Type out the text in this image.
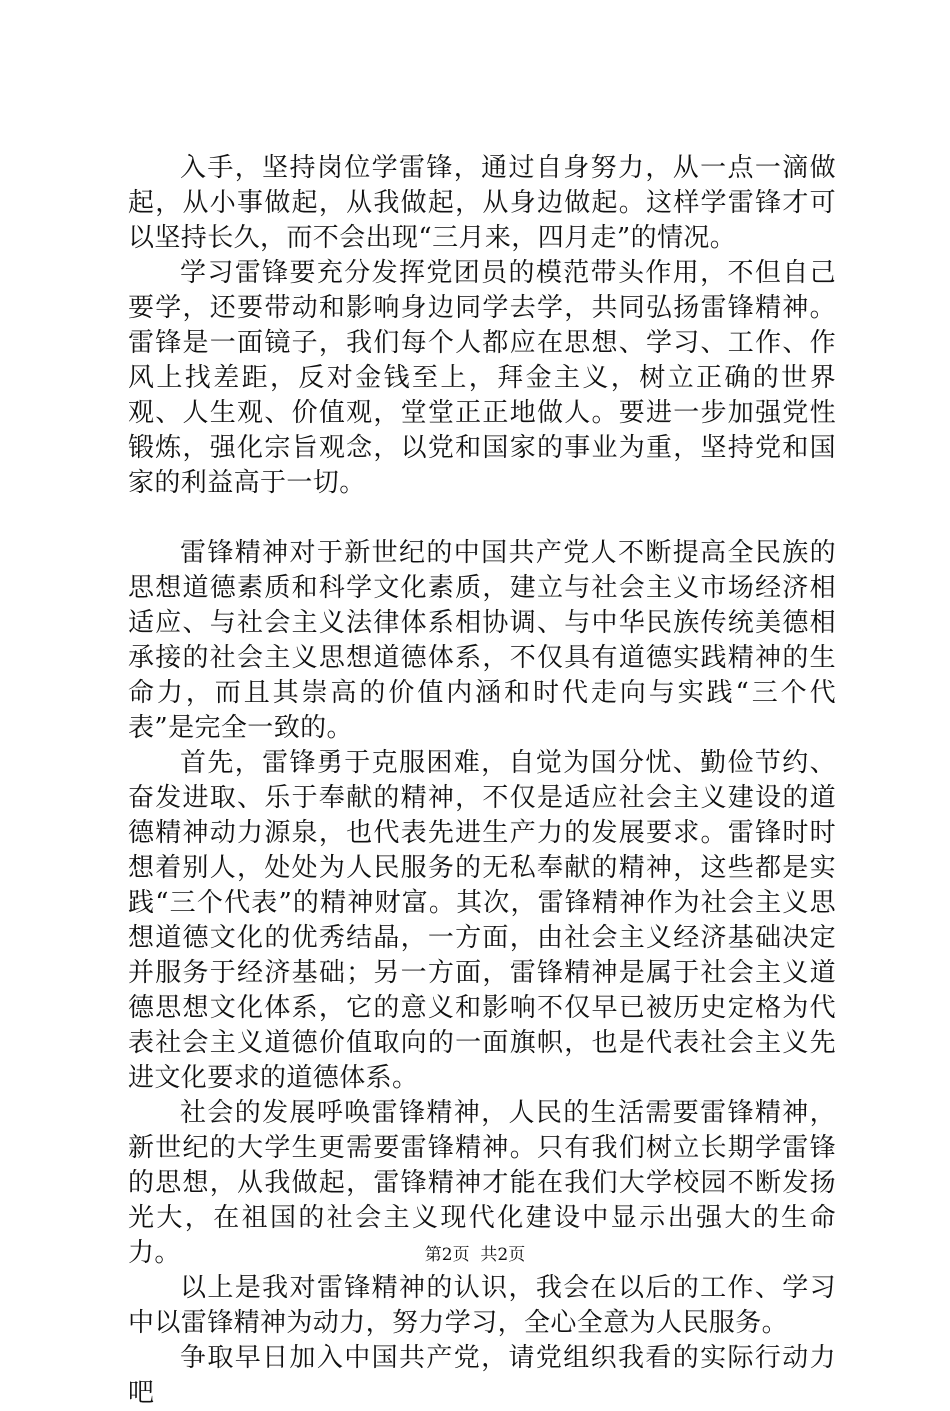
入手，坚持岗位学雷锋，通过自身努力，从一点一滴做起，从小事做起，从我做起，从身边做起。这样学雷锋才可以坚持长久，而不会出现“三月来，四月走”的情况。

学习雷锋要充分发挥党团员的模范带头作用，不但自己要学，还要带动和影响身边同学去学，共同弘扬雷锋精神。雷锋是一面镜子，我们每个人都应在思想、学习、工作、作风上找差距，反对金钱至上，拜金主义，树立正确的世界观、人生观、价值观，堂堂正正地做人。要进一步加强党性锻炼，强化宗旨观念，以党和国家的事业为重，坚持党和国家的利益高于一切。

雷锋精神对于新世纪的中国共产党人不断提高全民族的思想道德素质和科学文化素质，建立与社会主义市场经济相适应、与社会主义法律体系相协调、与中华民族传统美德相承接的社会主义思想道德体系，不仅具有道德实践精神的生命力，而且其崇高的价值内涵和时代走向与实践“三个代表”是完全一致的。

首先，雷锋勇于克服困难，自觉为国分忧、勤俭节约、奋发进取、乐于奉献的精神，不仅是适应社会主义建设的道德精神动力源泉，也代表先进生产力的发展要求。雷锋时时想着别人，处处为人民服务的无私奉献的精神，这些都是实践“三个代表”的精神财富。其次，雷锋精神作为社会主义思想道德文化的优秀结晶，一方面，由社会主义经济基础决定并服务于经济基础；另一方面，雷锋精神是属于社会主义道德思想文化体系，它的意义和影响不仅早已被历史定格为代表社会主义道德价值取向的一面旗帜，也是代表社会主义先进文化要求的道德体系。

社会的发展呼唤雷锋精神，人民的生活需要雷锋精神，新世纪的大学生更需要雷锋精神。只有我们树立长期学雷锋的思想，从我做起，雷锋精神才能在我们大学校园不断发扬光大，在祖国的社会主义现代化建设中显示出强大的生命力。

以上是我对雷锋精神的认识，我会在以后的工作、学习中以雷锋精神为动力，努力学习，全心全意为人民服务。

争取早日加入中国共产党，请党组织我看的实际行动力吧

第2页  共2页
